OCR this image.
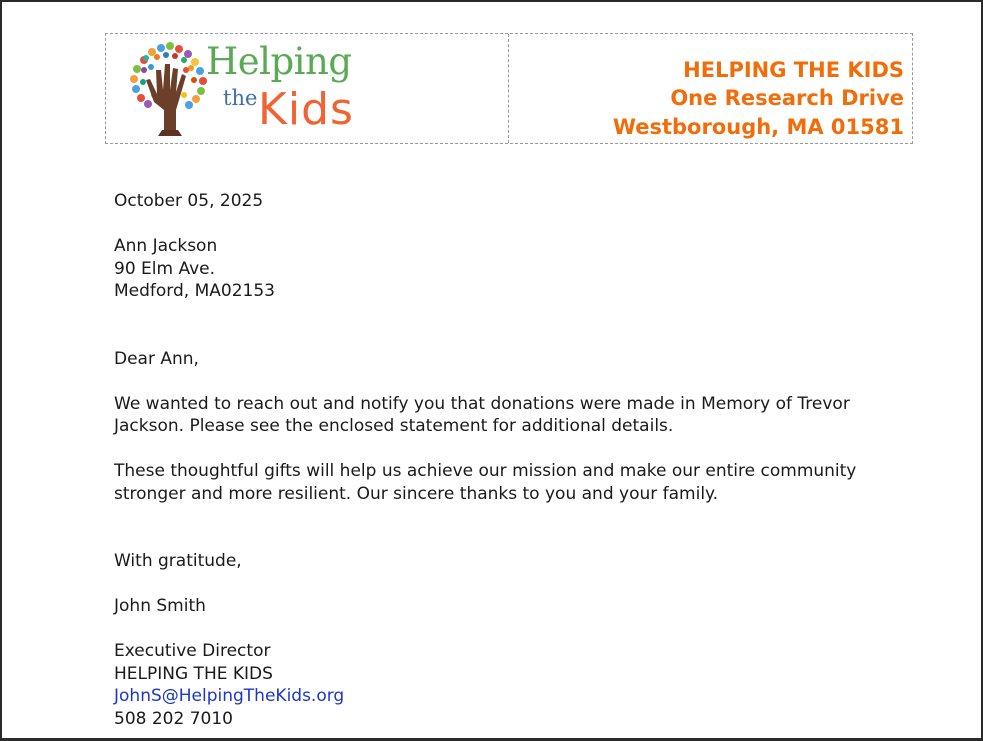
Helping
the Kids
HELPING THE KIDS
One Research Drive
Westborough, MA 01581
October 05, 2025
Ann Jackson
90 Elm Ave.
Medford, MA02153
Dear Ann,
We wanted to reach out and notify you that donations were made in Memory of Trevor
Jackson. Please see the enclosed statement for additional details.
These thoughtful gifts will help us achieve our mission and make our entire community
stronger and more resilient. Our sincere thanks to you and your family.
With gratitude,
John Smith
Executive Director
HELPING THE KIDS
JohnS@HelpingTheKids.org
508 202 7010
